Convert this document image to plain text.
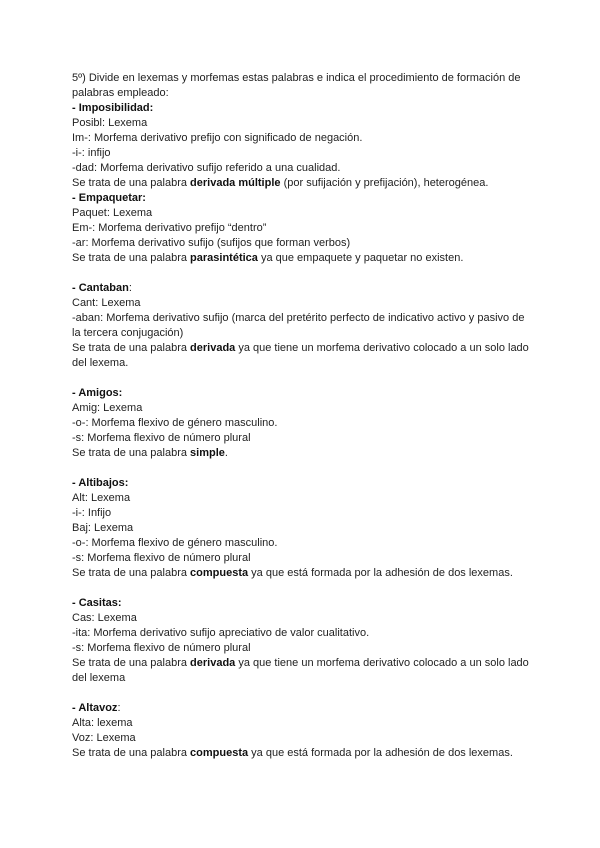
5º) Divide en lexemas y morfemas estas palabras e indica el procedimiento de formación de palabras empleado:
- Imposibilidad:
Posibl: Lexema
Im-: Morfema derivativo prefijo con significado de negación.
-i-: infijo
-dad: Morfema derivativo sufijo referido a una cualidad.
Se trata de una palabra derivada múltiple (por sufijación y prefijación), heterogénea.
- Empaquetar:
Paquet: Lexema
Em-: Morfema derivativo prefijo “dentro”
-ar: Morfema derivativo sufijo (sufijos que forman verbos)
Se trata de una palabra parasintética ya que empaquete y paquetar no existen.
- Cantaban:
Cant: Lexema
-aban: Morfema derivativo sufijo (marca del pretérito perfecto de indicativo activo y pasivo de la tercera conjugación)
Se trata de una palabra derivada ya que tiene un morfema derivativo colocado a un solo lado del lexema.
- Amigos:
Amig: Lexema
-o-: Morfema flexivo de género masculino.
-s: Morfema flexivo de número plural
Se trata de una palabra simple.
- Altibajos:
Alt: Lexema
-i-: Infijo
Baj: Lexema
-o-: Morfema flexivo de género masculino.
-s: Morfema flexivo de número plural
Se trata de una palabra compuesta ya que está formada por la adhesión de dos lexemas.
- Casitas:
Cas: Lexema
-ita: Morfema derivativo sufijo apreciativo de valor cualitativo.
-s: Morfema flexivo de número plural
Se trata de una palabra derivada ya que tiene un morfema derivativo colocado a un solo lado del lexema
- Altavoz:
Alta: lexema
Voz: Lexema
Se trata de una palabra compuesta ya que está formada por la adhesión de dos lexemas.
